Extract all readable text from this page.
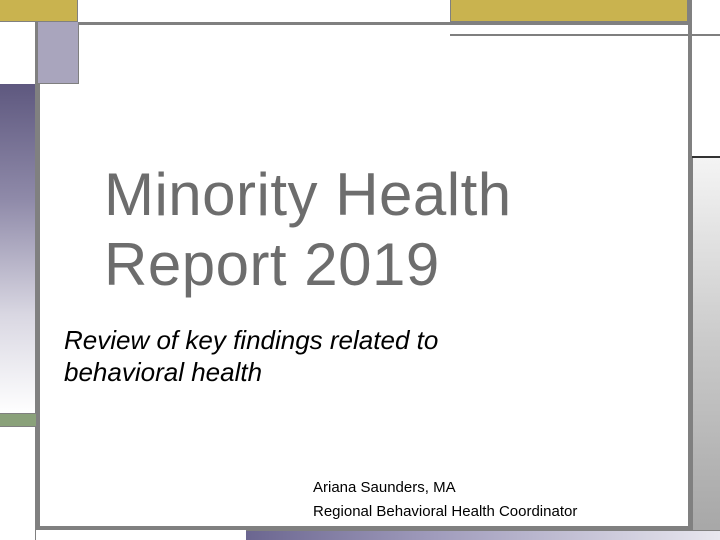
Minority Health
Report 2019
Review of key findings related to
behavioral health
Ariana Saunders, MA
Regional Behavioral Health Coordinator
